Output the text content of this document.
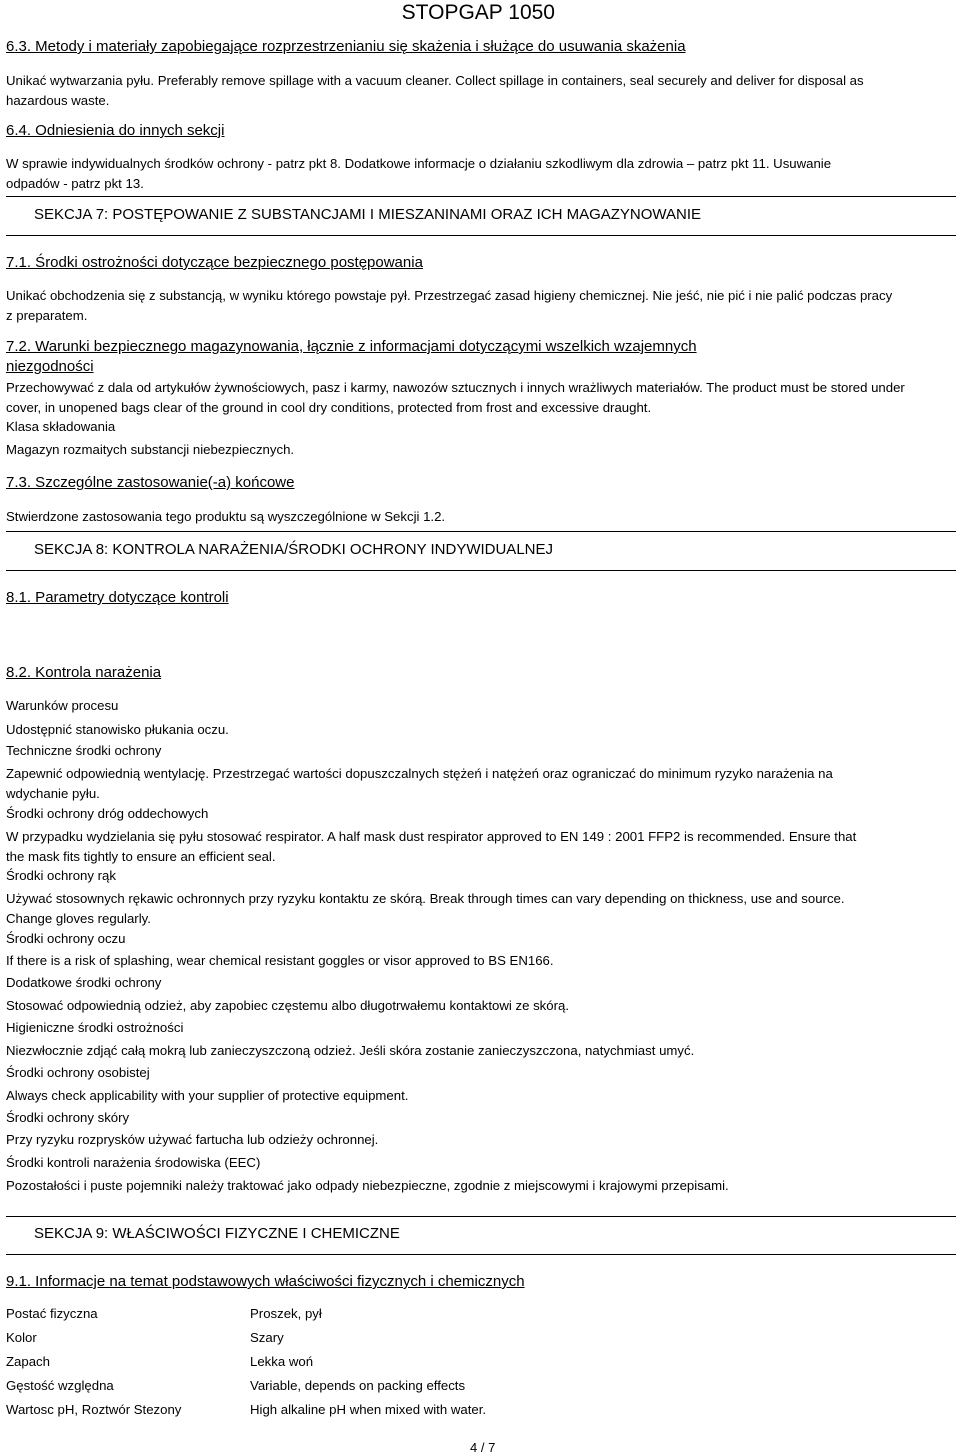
STOPGAP 1050
6.3. Metody i materiały zapobiegające rozprzestrzenianiu się skażenia i służące do usuwania skażenia
Unikać wytwarzania pyłu. Preferably remove spillage with a vacuum cleaner. Collect spillage in containers, seal securely and deliver for disposal as hazardous waste.
6.4. Odniesienia do innych sekcji
W sprawie indywidualnych środków ochrony - patrz pkt 8. Dodatkowe informacje o działaniu szkodliwym dla zdrowia – patrz pkt 11. Usuwanie odpadów - patrz pkt 13.
SEKCJA 7: POSTĘPOWANIE Z SUBSTANCJAMI I MIESZANINAMI ORAZ ICH MAGAZYNOWANIE
7.1. Środki ostrożności dotyczące bezpiecznego postępowania
Unikać obchodzenia się z substancją, w wyniku którego powstaje pył. Przestrzegać zasad higieny chemicznej. Nie jeść, nie pić i nie palić podczas pracy z preparatem.
7.2. Warunki bezpiecznego magazynowania, łącznie z informacjami dotyczącymi wszelkich wzajemnych niezgodności
Przechowywać z dala od artykułów żywnościowych, pasz i karmy, nawozów sztucznych i innych wrażliwych materiałów. The product must be stored under cover, in unopened bags clear of the ground in cool dry conditions, protected from frost and excessive draught.
Klasa składowania
Magazyn rozmaitych substancji niebezpiecznych.
7.3. Szczególne zastosowanie(-a) końcowe
Stwierdzone zastosowania tego produktu są wyszczególnione w Sekcji 1.2.
SEKCJA 8: KONTROLA NARAŻENIA/ŚRODKI OCHRONY INDYWIDUALNEJ
8.1. Parametry dotyczące kontroli
8.2. Kontrola narażenia
Warunków procesu
Udostępnić stanowisko płukania oczu.
Techniczne środki ochrony
Zapewnić odpowiednią wentylację. Przestrzegać wartości dopuszczalnych stężeń i natężeń oraz ograniczać do minimum ryzyko narażenia na wdychanie pyłu.
Środki ochrony dróg oddechowych
W przypadku wydzielania się pyłu stosować respirator. A half mask dust respirator approved to EN 149 : 2001 FFP2 is recommended. Ensure that the mask fits tightly to ensure an efficient seal.
Środki ochrony rąk
Używać stosownych rękawic ochronnych przy ryzyku kontaktu ze skórą. Break through times can vary depending on thickness, use and source. Change gloves regularly.
Środki ochrony oczu
If there is a risk of splashing, wear chemical resistant goggles or visor approved to BS EN166.
Dodatkowe środki ochrony
Stosować odpowiednią odzież, aby zapobiec częstemu albo długotrwałemu kontaktowi ze skórą.
Higieniczne środki ostrożności
Niezwłocznie zdjąć całą mokrą lub zanieczyszczoną odzież. Jeśli skóra zostanie zanieczyszczona, natychmiast umyć.
Środki ochrony osobistej
Always check applicability with your supplier of protective equipment.
Środki ochrony skóry
Przy ryzyku rozprysków używać fartucha lub odzieży ochronnej.
Środki kontroli narażenia środowiska (EEC)
Pozostałości i puste pojemniki należy traktować jako odpady niebezpieczne, zgodnie z miejscowymi i krajowymi przepisami.
SEKCJA 9: WŁAŚCIWOŚCI FIZYCZNE I CHEMICZNE
9.1. Informacje na temat podstawowych właściwości fizycznych i chemicznych
Postać fizyczna	Proszek, pył
Kolor	Szary
Zapach	Lekka woń
Gęstość względna	Variable, depends on packing effects
Wartosc pH, Roztwór Stezony	High alkaline pH when mixed with water.
4 / 7
